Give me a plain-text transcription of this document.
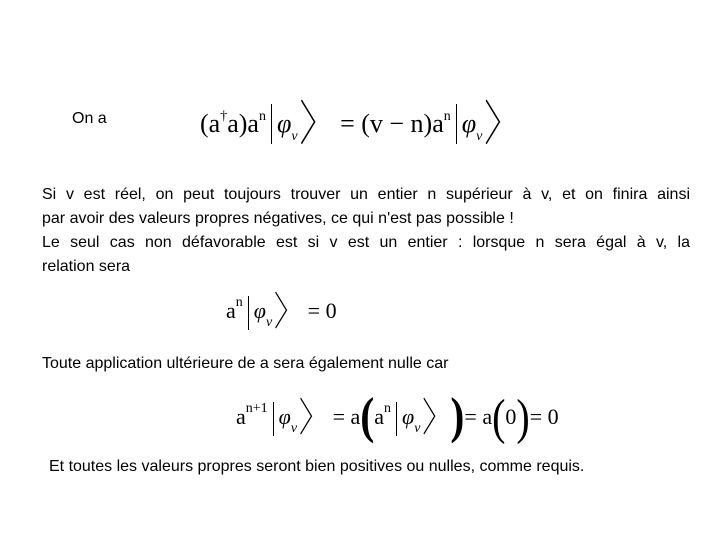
On a	$(a^\dagger a)a^n$ $\varphi_v$〉 = $(v - n)a^n$ $\varphi_v$〉
Si v est réel, on peut toujours trouver un entier n supérieur à v, et on finira ainsi
par avoir des valeurs propres négatives, ce qui n'est pas possible !
Le seul cas non défavorable est si v est un entier : lorsque n sera égal à v, la
relation sera
$a^n$ $\varphi_v$〉 = 0
Toute application ultérieure de a sera également nulle car
$a^{n+1}$ $\varphi_v$〉 = $a(a^n$ $\varphi_v$〉)= a(0)= 0
Et toutes les valeurs propres seront bien positives ou nulles, comme requis.
